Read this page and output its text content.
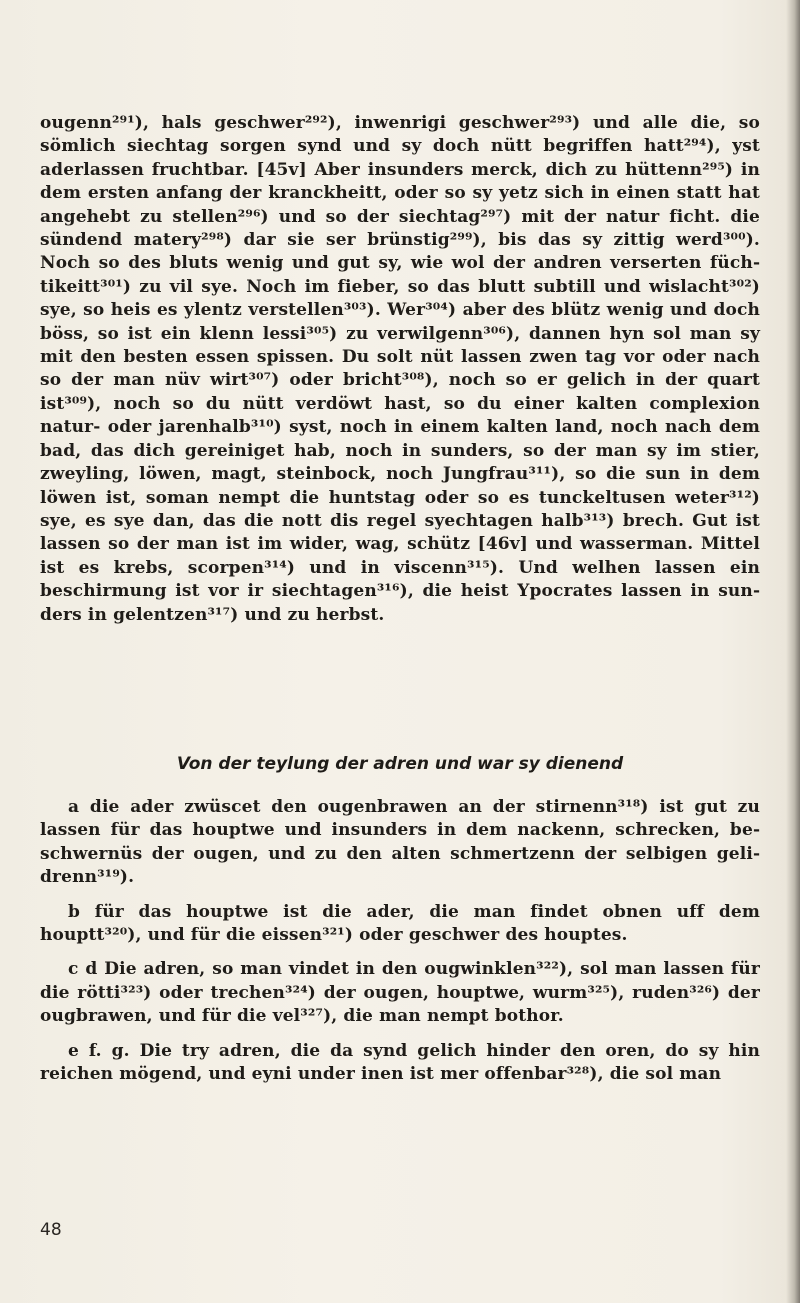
ougenn²⁹¹), hals geschwer²⁹²), inwenrigi geschwer²⁹³) und alle die, so sömlich siechtag sorgen synd und sy doch nütt begriffen hatt²⁹⁴), yst aderlassen fruchtbar. [45v] Aber insunders merck, dich zu hüttenn²⁹⁵) in dem ersten anfang der kranckheitt, oder so sy yetz sich in einen statt hat angehebt zu stellen²⁹⁶) und so der siechtag²⁹⁷) mit der natur ficht. die sündend matery²⁹⁸) dar sie ser brünstig²⁹⁹), bis das sy zittig werd³⁰⁰). Noch so des bluts wenig und gut sy, wie wol der andren verserten füchtikeitt³⁰¹) zu vil sye. Noch im fieber, so das blutt subtill und wislacht³⁰²) sye, so heis es ylentz verstellen³⁰³). Wer³⁰⁴) aber des blütz wenig und doch böss, so ist ein klenn lessi³⁰⁵) zu verwilgenn³⁰⁶), dannen hyn sol man sy mit den besten essen spissen. Du solt nüt lassen zwen tag vor oder nach so der man nüv wirt³⁰⁷) oder bricht³⁰⁸), noch so er gelich in der quart ist³⁰⁹), noch so du nütt verdöwt hast, so du einer kalten complexion natur- oder jarenhalb³¹⁰) syst, noch in einem kalten land, noch nach dem bad, das dich gereiniget hab, noch in sunders, so der man sy im stier, zweyling, löwen, magt, steinbock, noch Jungfrau³¹¹), so die sun in dem löwen ist, soman nempt die huntstag oder so es tunckeltusen weter³¹²) sye, es sye dan, das die nott dis regel syechtagen halb³¹³) brech. Gut ist lassen so der man ist im wider, wag, schütz [46v] und wasserman. Mittel ist es krebs, scorpen³¹⁴) und in viscenn³¹⁵). Und welhen lassen ein beschirmung ist vor ir siechtagen³¹⁶), die heist Ypocrates lassen in sunders in gelentzen³¹⁷) und zu herbst.
Von der teylung der adren und war sy dienend

a die ader zwüscet den ougenbrawen an der stirnenn³¹⁸) ist gut zu lassen für das houptwe und insunders in dem nackenn, schrecken, beschwernüs der ougen, und zu den alten schmertzenn der selbigen gelidrenn³¹⁹).

b für das houptwe ist die ader, die man findet obnen uff dem houptt³²⁰), und für die eissen³²¹) oder geschwer des houptes.

c d Die adren, so man vindet in den ougwinklen³²²), sol man lassen für die rötti³²³) oder trechen³²⁴) der ougen, houptwe, wurm³²⁵), ruden³²⁶) der ougbrawen, und für die vel³²⁷), die man nempt bothor.

e f. g. Die try adren, die da synd gelich hinder den oren, do sy hin reichen mögend, und eyni under inen ist mer offenbar³²⁸), die sol man

48
